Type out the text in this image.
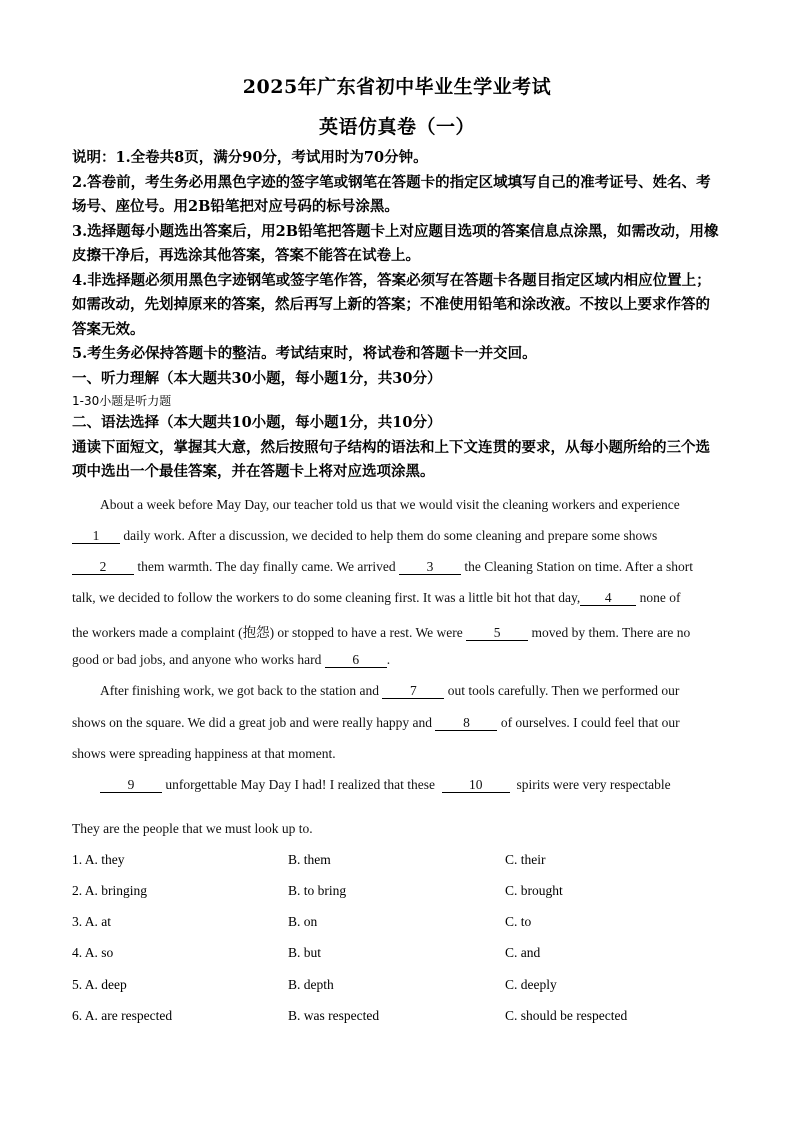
2025年广东省初中毕业生学业考试
英语仿真卷（一）

说明：1.全卷共8页，满分90分，考试用时为70分钟。

2.答卷前，考生务必用黑色字迹的签字笔或钢笔在答题卡的指定区域填写自己的准考证号、姓名、考场号、座位号。用2B铅笔把对应号码的标号涂黑。

3.选择题每小题选出答案后，用2B铅笔把答题卡上对应题目选项的答案信息点涂黑，如需改动，用橡皮擦干净后，再选涂其他答案，答案不能答在试卷上。

4.非选择题必须用黑色字迹钢笔或签字笔作答，答案必须写在答题卡各题目指定区域内相应位置上；如需改动，先划掉原来的答案，然后再写上新的答案；不准使用铅笔和涂改液。不按以上要求作答的答案无效。

5.考生务必保持答题卡的整洁。考试结束时，将试卷和答题卡一并交回。

一、听力理解（本大题共30小题，每小题1分，共30分）

1-30小题是听力题

二、语法选择（本大题共10小题，每小题1分，共10分）

通读下面短文，掌握其大意，然后按照句子结构的语法和上下文连贯的要求，从每小题所给的三个选项中选出一个最佳答案，并在答题卡上将对应选项涂黑。

About a week before May Day, our teacher told us that we would visit the cleaning workers and experience
1 daily work. After a discussion, we decided to help them do some cleaning and prepare some shows
2 them warmth. The day finally came. We arrived 3 the Cleaning Station on time. After a short
talk, we decided to follow the workers to do some cleaning first. It was a little bit hot that day, 4 none of
the workers made a complaint (抱怨) or stopped to have a rest. We were 5 moved by them. There are no
good or bad jobs, and anyone who works hard 6 .
After finishing work, we got back to the station and 7 out tools carefully. Then we performed our
shows on the square. We did a great job and were really happy and 8 of ourselves. I could feel that our
shows were spreading happiness at that moment.
9 unforgettable May Day I had! I realized that these	10	spirits were very respectable
They are the people that we must look up to.
1. A. they	B. them	C. their
2. A. bringing	B. to bring	C. brought
3. A. at	B. on	C. to
4. A. so	B. but	C. and
5. A. deep	B. depth	C. deeply
6. A. are respected	B. was respected	C. should be respected
